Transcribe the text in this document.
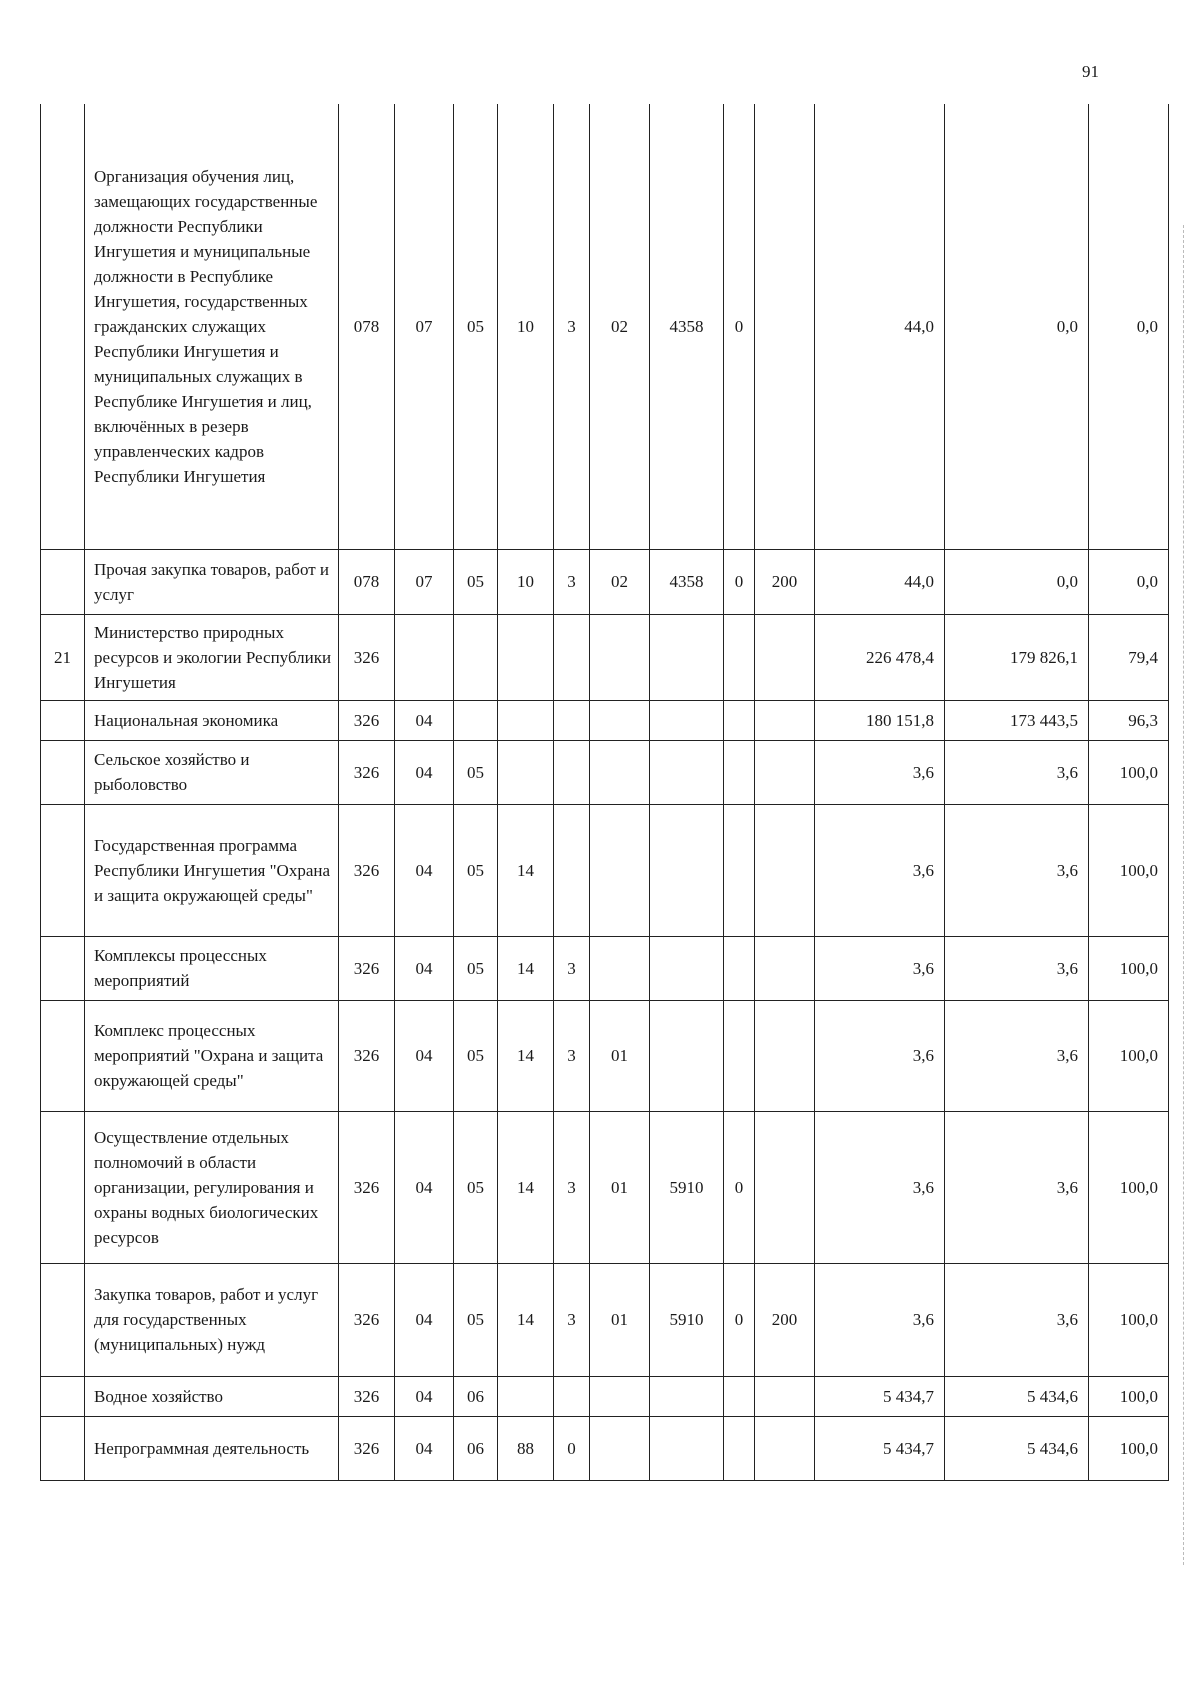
91
	Организация обучения лиц, замещающих государственные должности Республики Ингушетия и муниципальные должности в Республике Ингушетия, государственных гражданских служащих Республики Ингушетия и муниципальных служащих в Республике Ингушетия и лиц, включённых в резерв управленческих кадров Республики Ингушетия	078	07	05	10	3	02	4358	0		44,0	0,0	0,0
	Прочая закупка товаров, работ и услуг	078	07	05	10	3	02	4358	0	200	44,0	0,0	0,0
21	Министерство природных ресурсов и экологии Республики Ингушетия	326									226 478,4	179 826,1	79,4
	Национальная экономика	326	04								180 151,8	173 443,5	96,3
	Сельское хозяйство и рыболовство	326	04	05							3,6	3,6	100,0
	Государственная программа Республики Ингушетия "Охрана и защита окружающей среды"	326	04	05	14						3,6	3,6	100,0
	Комплексы процессных мероприятий	326	04	05	14	3					3,6	3,6	100,0
	Комплекс процессных мероприятий "Охрана и защита окружающей среды"	326	04	05	14	3	01				3,6	3,6	100,0
	Осуществление отдельных полномочий в области организации, регулирования и охраны водных биологических ресурсов	326	04	05	14	3	01	5910	0		3,6	3,6	100,0
	Закупка товаров, работ и услуг для государственных (муниципальных) нужд	326	04	05	14	3	01	5910	0	200	3,6	3,6	100,0
	Водное хозяйство	326	04	06							5 434,7	5 434,6	100,0
	Непрограммная деятельность	326	04	06	88	0					5 434,7	5 434,6	100,0
